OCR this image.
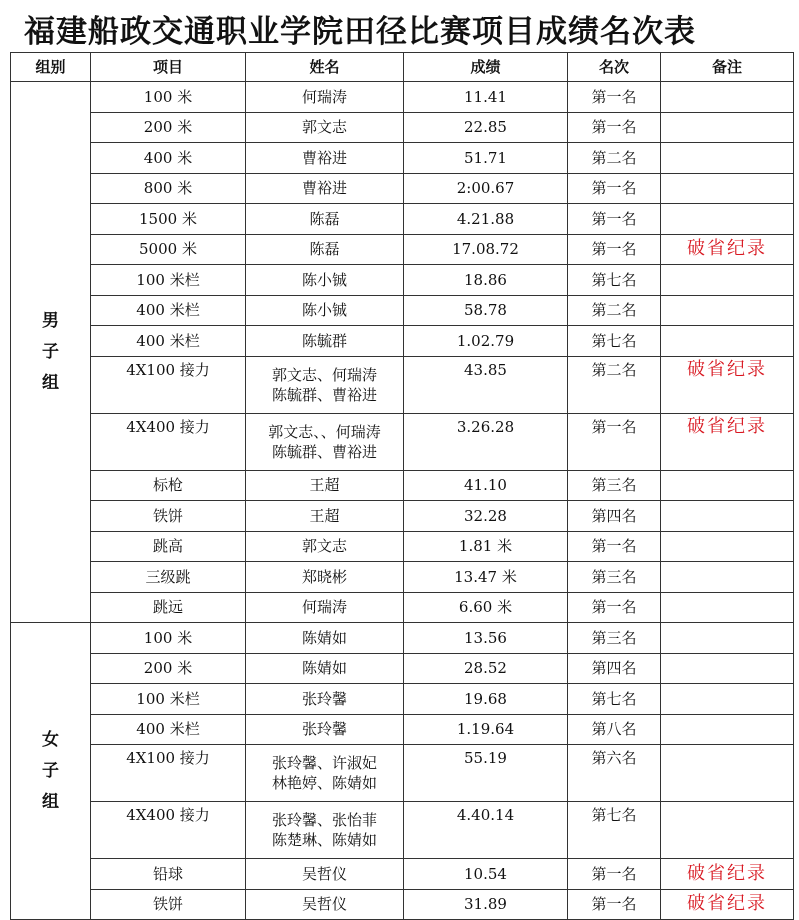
福建船政交通职业学院田径比赛项目成绩名次表
组别	项目	姓名	成绩	名次	备注
男
子
组	100 米	何瑞涛	11.41	第一名	
	200 米	郭文志	22.85	第一名	
	400 米	曹裕进	51.71	第二名	
	800 米	曹裕进	2:00.67	第一名	
	1500 米	陈磊	4.21.88	第一名	
	5000 米	陈磊	17.08.72	第一名	破省纪录
	100 米栏	陈小铖	18.86	第七名	
	400 米栏	陈小铖	58.78	第二名	
	400 米栏	陈毓群	1.02.79	第七名	
	4X100 接力	郭文志、何瑞涛
陈毓群、曹裕进	43.85	第二名	破省纪录
	4X400 接力	郭文志、、何瑞涛
陈毓群、曹裕进	3.26.28	第一名	破省纪录
	标枪	王超	41.10	第三名	
	铁饼	王超	32.28	第四名	
	跳高	郭文志	1.81 米	第一名	
	三级跳	郑晓彬	13.47 米	第三名	
	跳远	何瑞涛	6.60 米	第一名	
女
子
组	100 米	陈婧如	13.56	第三名	
	200 米	陈婧如	28.52	第四名	
	100 米栏	张玲馨	19.68	第七名	
	400 米栏	张玲馨	1.19.64	第八名	
	4X100 接力	张玲馨、许淑妃
林艳婷、陈婧如	55.19	第六名	
	4X400 接力	张玲馨、张怡菲
陈楚琳、陈婧如	4.40.14	第七名	
	铅球	吴哲仪	10.54	第一名	破省纪录
	铁饼	吴哲仪	31.89	第一名	破省纪录
